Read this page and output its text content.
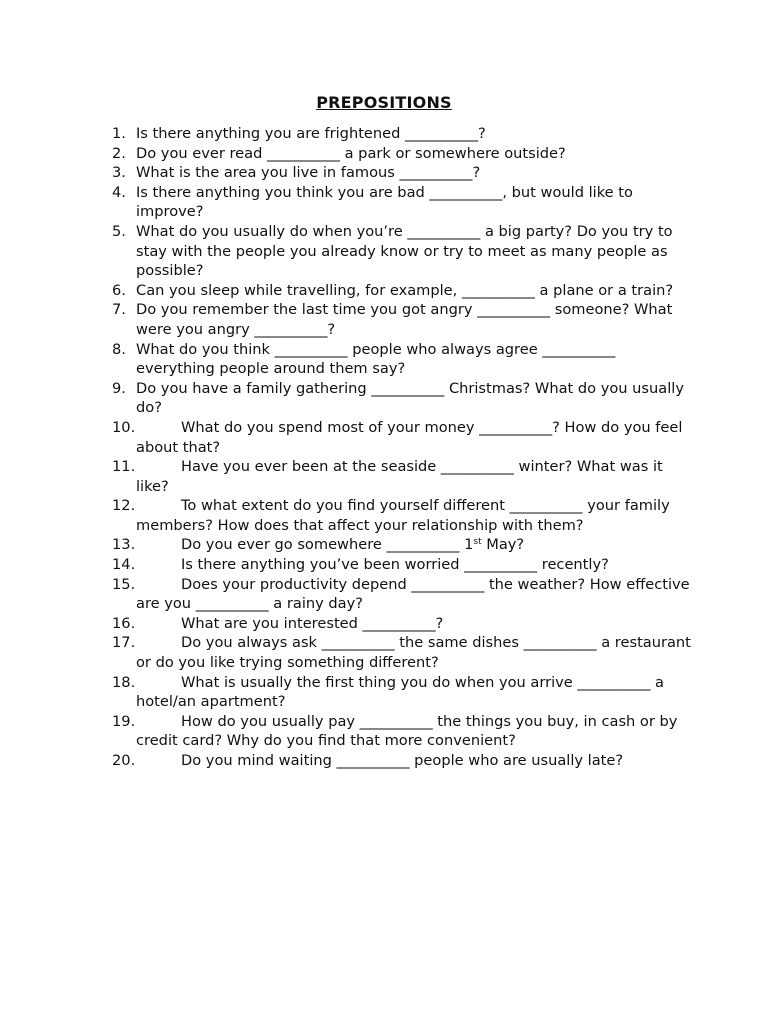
PREPOSITIONS
1. Is there anything you are frightened __________?
2. Do you ever read __________ a park or somewhere outside?
3. What is the area you live in famous __________?
4. Is there anything you think you are bad __________, but would like to improve?
5. What do you usually do when you’re __________ a big party? Do you try to stay with the people you already know or try to meet as many people as possible?
6. Can you sleep while travelling, for example, __________ a plane or a train?
7. Do you remember the last time you got angry __________ someone? What were you angry __________?
8. What do you think __________ people who always agree __________ everything people around them say?
9. Do you have a family gathering __________ Christmas? What do you usually do?
10.	What do you spend most of your money __________? How do you feel about that?
11.	Have you ever been at the seaside __________ winter? What was it like?
12.	To what extent do you find yourself different __________ your family members? How does that affect your relationship with them?
13.	Do you ever go somewhere __________ 1st May?
14.	Is there anything you’ve been worried __________ recently?
15.	Does your productivity depend __________ the weather? How effective are you __________ a rainy day?
16.	What are you interested __________?
17.	Do you always ask __________ the same dishes __________ a restaurant or do you like trying something different?
18.	What is usually the first thing you do when you arrive __________ a hotel/an apartment?
19.	How do you usually pay __________ the things you buy, in cash or by credit card? Why do you find that more convenient?
20.	Do you mind waiting __________ people who are usually late?
